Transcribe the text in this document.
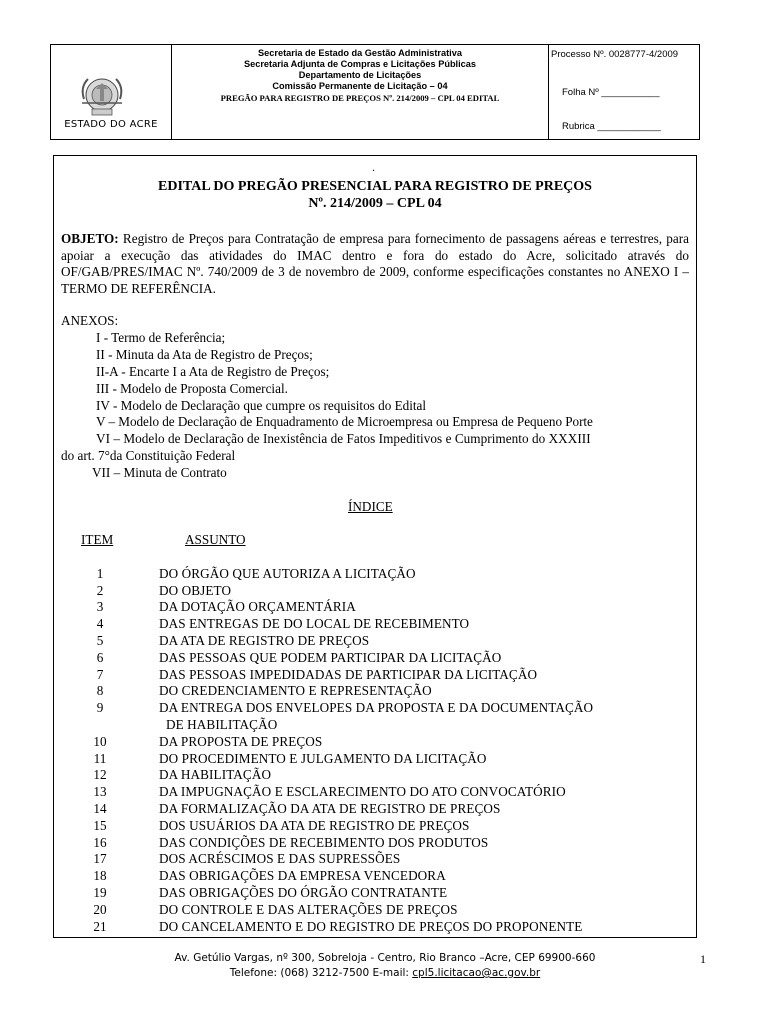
ESTADO DO ACRE
Secretaria de Estado da Gestão Administrativa
Secretaria Adjunta de Compras e Licitações Públicas
Departamento de Licitações
Comissão Permanente de Licitação – 04
PREGÃO PARA REGISTRO DE PREÇOS Nº. 214/2009 – CPL 04 EDITAL
Processo Nº. 0028777-4/2009
Folha Nº ___________
Rubrica ____________
.
EDITAL DO PREGÃO PRESENCIAL PARA REGISTRO DE PREÇOS
Nº. 214/2009 – CPL 04
OBJETO: Registro de Preços para Contratação de empresa para fornecimento de passagens aéreas e terrestres, para apoiar a execução das atividades do IMAC dentro e fora do estado do Acre, solicitado através do OF/GAB/PRES/IMAC Nº. 740/2009 de 3 de novembro de 2009, conforme especificações constantes no ANEXO I – TERMO DE REFERÊNCIA.
ANEXOS:
I - Termo de Referência;
II - Minuta da Ata de Registro de Preços;
II-A - Encarte I a Ata de Registro de Preços;
III - Modelo de Proposta Comercial.
IV - Modelo de Declaração que cumpre os requisitos do Edital
V – Modelo de Declaração de Enquadramento de Microempresa ou Empresa de Pequeno Porte
VI – Modelo de Declaração de Inexistência de Fatos Impeditivos e Cumprimento do XXXIII
do art. 7°da Constituição Federal
VII – Minuta de Contrato
ÍNDICE
ITEM	ASSUNTO
1	DO ÓRGÃO QUE AUTORIZA A LICITAÇÃO
2	DO OBJETO
3	DA DOTAÇÃO ORÇAMENTÁRIA
4	DAS ENTREGAS DE DO LOCAL DE RECEBIMENTO
5	DA ATA DE REGISTRO DE PREÇOS
6	DAS PESSOAS QUE PODEM PARTICIPAR DA LICITAÇÃO
7	DAS PESSOAS IMPEDIDADAS DE PARTICIPAR DA LICITAÇÃO
8	DO CREDENCIAMENTO E REPRESENTAÇÃO
9	DA ENTREGA DOS ENVELOPES DA PROPOSTA E DA DOCUMENTAÇÃO
DE HABILITAÇÃO
10	DA PROPOSTA DE PREÇOS
11	DO PROCEDIMENTO E JULGAMENTO DA LICITAÇÃO
12	DA HABILITAÇÃO
13	DA IMPUGNAÇÃO E ESCLARECIMENTO DO ATO CONVOCATÓRIO
14	DA FORMALIZAÇÃO DA ATA DE REGISTRO DE PREÇOS
15	DOS USUÁRIOS DA ATA DE REGISTRO DE PREÇOS
16	DAS CONDIÇÕES DE RECEBIMENTO DOS PRODUTOS
17	DOS ACRÉSCIMOS E DAS SUPRESSÕES
18	DAS OBRIGAÇÕES DA EMPRESA VENCEDORA
19	DAS OBRIGAÇÕES DO ÓRGÃO CONTRATANTE
20	DO CONTROLE E DAS ALTERAÇÕES DE PREÇOS
21	DO CANCELAMENTO E DO REGISTRO DE PREÇOS DO PROPONENTE
Av. Getúlio Vargas, nº 300, Sobreloja - Centro, Rio Branco –Acre, CEP 69900-660
Telefone: (068) 3212-7500 E-mail: cpl5.licitacao@ac.gov.br
1
